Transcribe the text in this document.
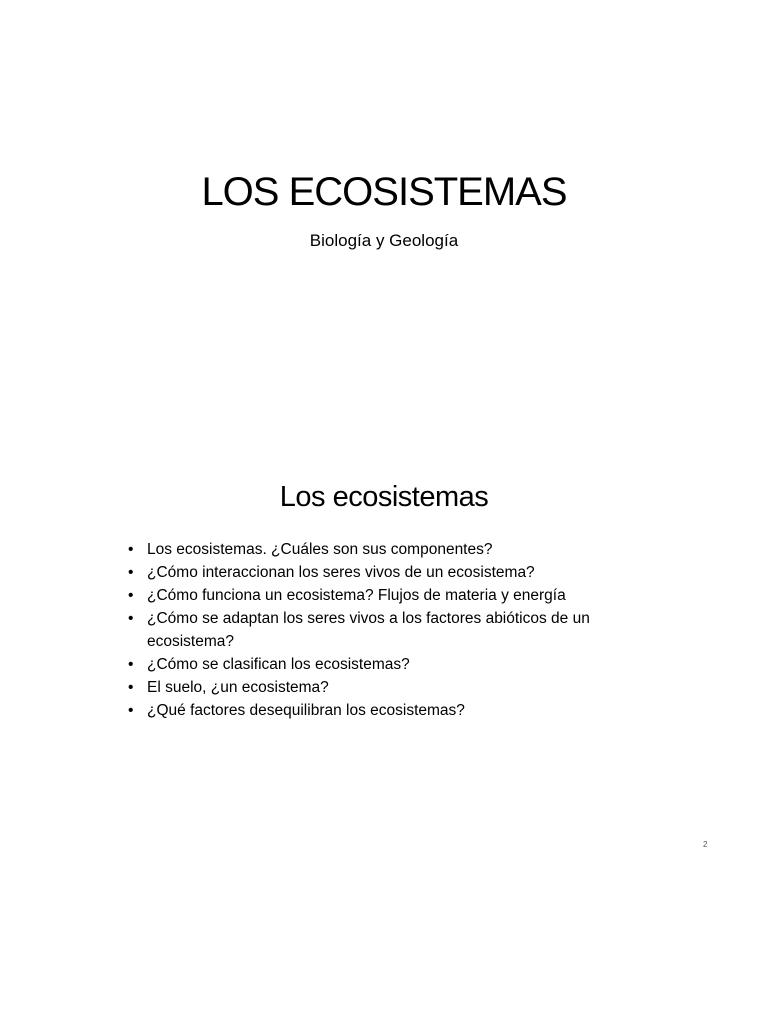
LOS ECOSISTEMAS
Biología y Geología
Los ecosistemas
• Los ecosistemas. ¿Cuáles son sus componentes?
• ¿Cómo interaccionan los seres vivos de un ecosistema?
• ¿Cómo funciona un ecosistema? Flujos de materia y energía
• ¿Cómo se adaptan los seres vivos a los factores abióticos de un ecosistema?
• ¿Cómo se clasifican los ecosistemas?
• El suelo, ¿un ecosistema?
• ¿Qué factores desequilibran los ecosistemas?
2
